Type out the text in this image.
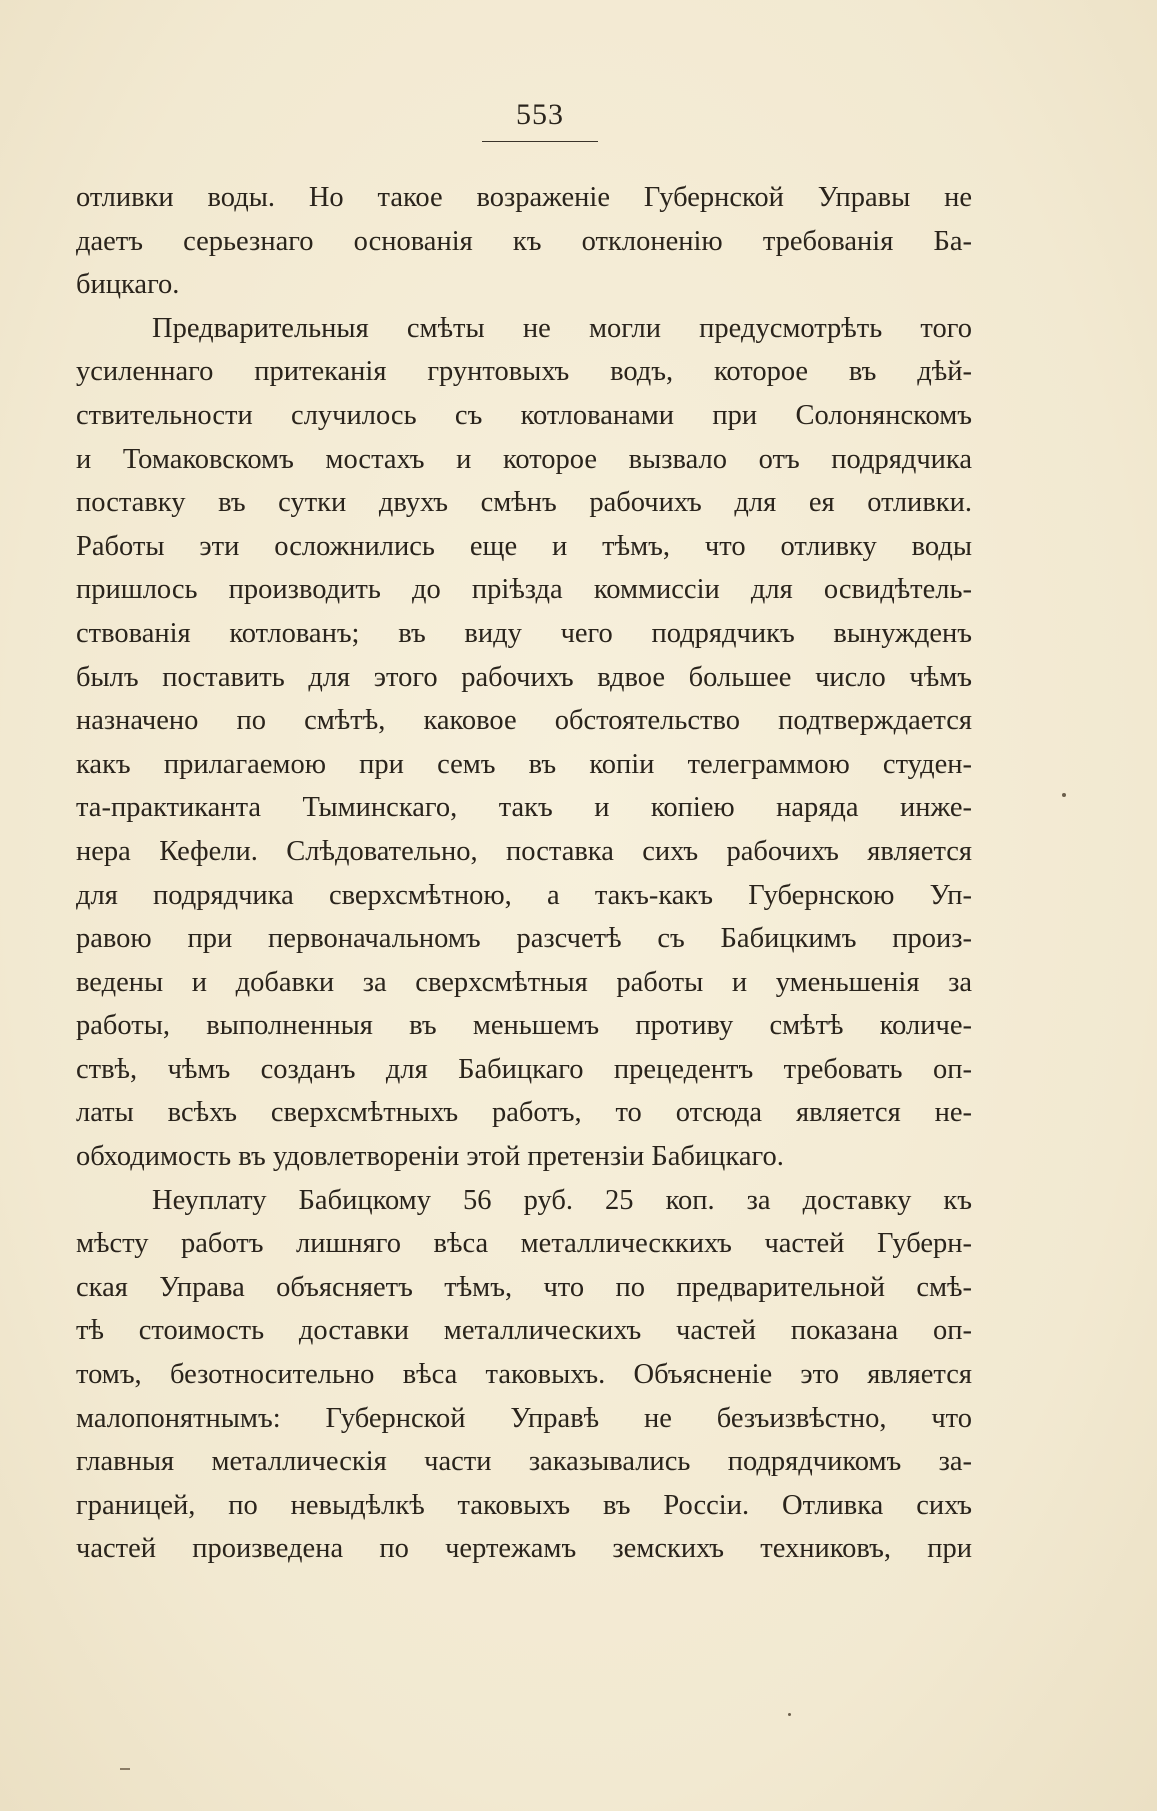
553
отливки воды. Но такое возраженіе Губернской Управы не
даетъ серьезнаго основанія къ отклоненію требованія Ба-
бицкаго.
Предварительныя смѣты не могли предусмотрѣть того
усиленнаго притеканія грунтовыхъ водъ, которое въ дѣй-
ствительности случилось съ котлованами при Солонянскомъ
и Томаковскомъ мостахъ и которое вызвало отъ подрядчика
поставку въ сутки двухъ смѣнъ рабочихъ для ея отливки.
Работы эти осложнились еще и тѣмъ, что отливку воды
пришлось производить до пріѣзда коммиссіи для освидѣтель-
ствованія котлованъ; въ виду чего подрядчикъ вынужденъ
былъ поставить для этого рабочихъ вдвое большее число чѣмъ
назначено по смѣтѣ, каковое обстоятельство подтверждается
какъ прилагаемою при семъ въ копіи телеграммою студен-
та-практиканта Тыминскаго, такъ и копіею наряда инже-
нера Кефели. Слѣдовательно, поставка сихъ рабочихъ является
для подрядчика сверхсмѣтною, а такъ-какъ Губернскою Уп-
равою при первоначальномъ разсчетѣ съ Бабицкимъ произ-
ведены и добавки за сверхсмѣтныя работы и уменьшенія за
работы, выполненныя въ меньшемъ противу смѣтѣ количе-
ствѣ, чѣмъ созданъ для Бабицкаго прецедентъ требовать оп-
латы всѣхъ сверхсмѣтныхъ работъ, то отсюда является не-
обходимость въ удовлетвореніи этой претензіи Бабицкаго.
Неуплату Бабицкому 56 руб. 25 коп. за доставку къ
мѣсту работъ лишняго вѣса металлическкихъ частей Губерн-
ская Управа объясняетъ тѣмъ, что по предварительной смѣ-
тѣ стоимость доставки металлическихъ частей показана оп-
томъ, безотносительно вѣса таковыхъ. Объясненіе это является
малопонятнымъ: Губернской Управѣ не безъизвѣстно, что
главныя металлическія части заказывались подрядчикомъ за-
границей, по невыдѣлкѣ таковыхъ въ Россіи. Отливка сихъ
частей произведена по чертежамъ земскихъ техниковъ, при
